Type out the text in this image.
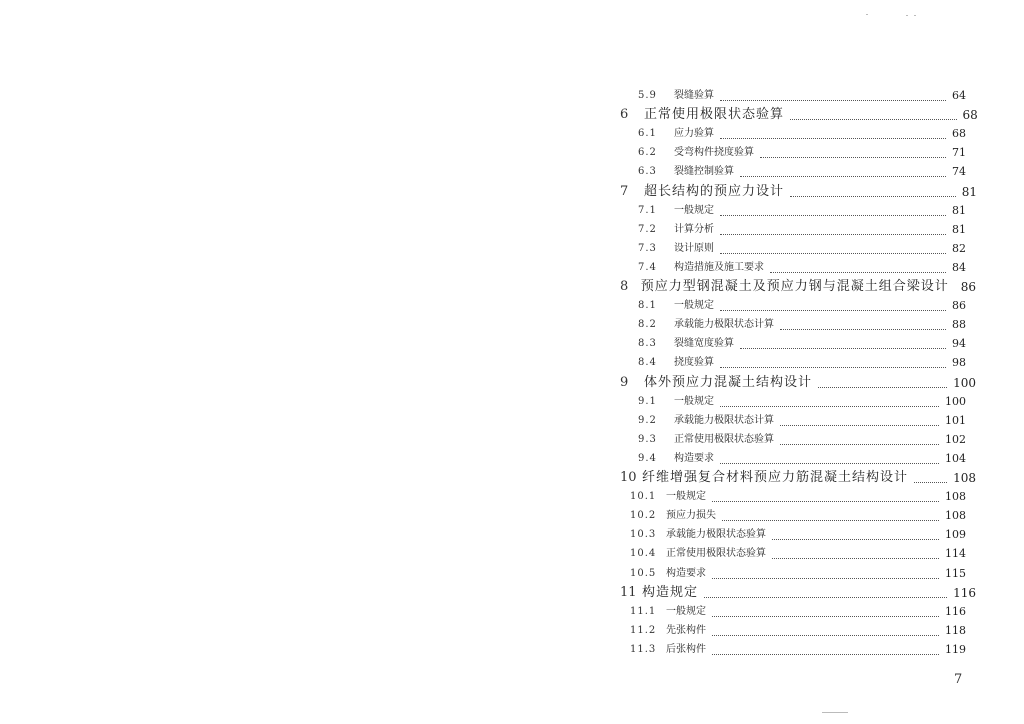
5.9	裂缝验算	64
6	正常使用极限状态验算	68
6.1	应力验算	68
6.2	受弯构件挠度验算	71
6.3	裂缝控制验算	74
7	超长结构的预应力设计	81
7.1	一般规定	81
7.2	计算分析	81
7.3	设计原则	82
7.4	构造措施及施工要求	84
8 预应力型钢混凝土及预应力钢与混凝土组合梁设计 86
8.1	一般规定	86
8.2	承载能力极限状态计算	88
8.3	裂缝宽度验算	94
8.4	挠度验算	98
9	体外预应力混凝土结构设计	100
9.1	一般规定	100
9.2	承载能力极限状态计算	101
9.3	正常使用极限状态验算	102
9.4	构造要求	104
10 纤维增强复合材料预应力筋混凝土结构设计	108
10.1 一般规定	108
10.2 预应力损失	108
10.3 承载能力极限状态验算	109
10.4 正常使用极限状态验算	114
10.5 构造要求	115
11 构造规定	116
11.1 一般规定	116
11.2 先张构件	118
11.3 后张构件	119
7
